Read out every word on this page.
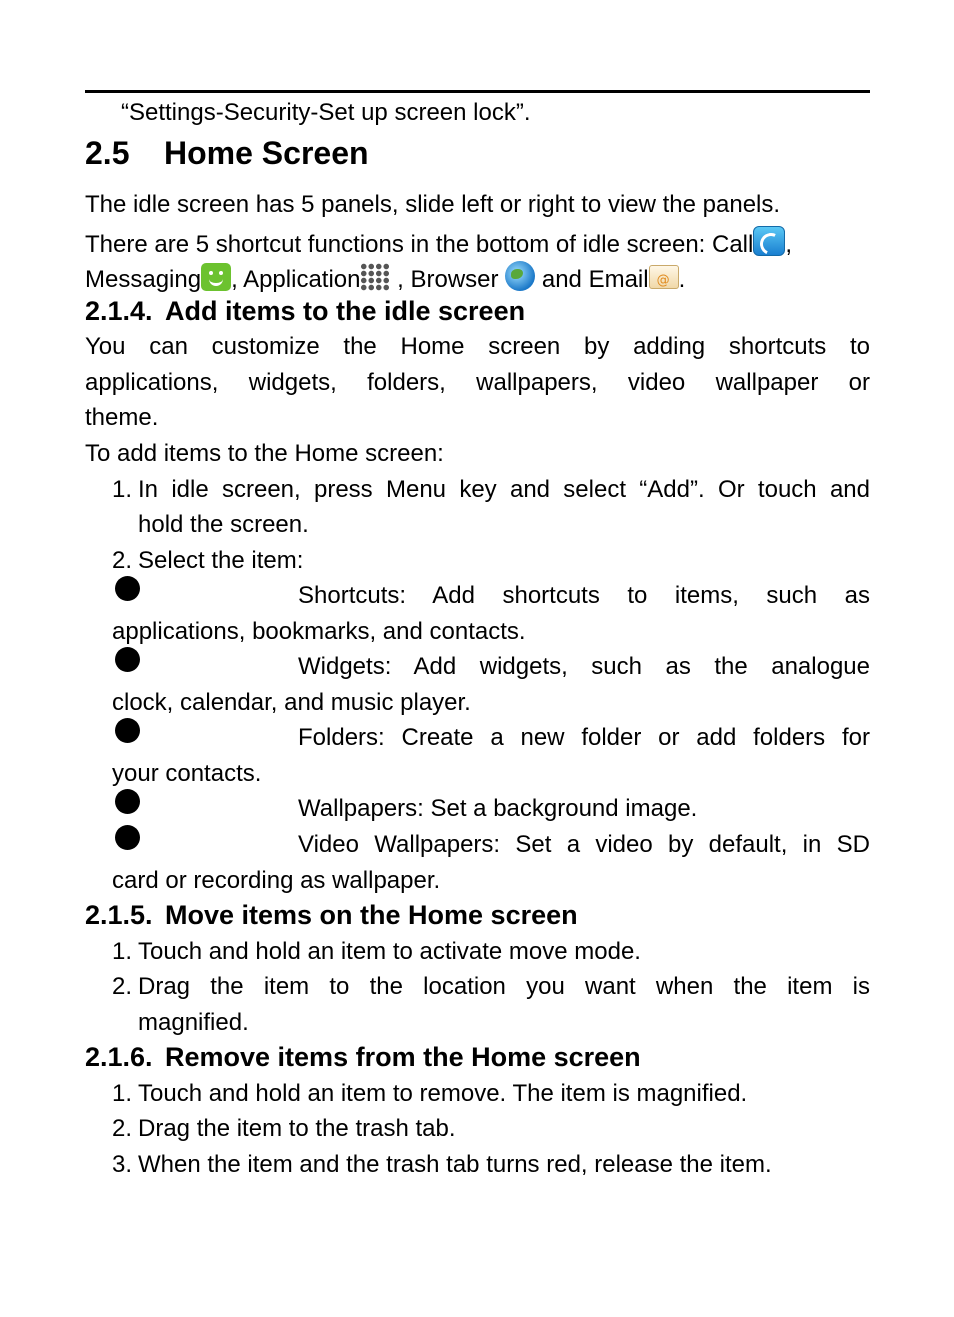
“Settings-Security-Set up screen lock”.
2.5 Home Screen
The idle screen has 5 panels, slide left or right to view the panels.
There are 5 shortcut functions in the bottom of idle screen: Call ,
Messaging , Application , Browser  and Email@ .
2.1.4. Add items to the idle screen
You can customize the Home screen by adding shortcuts to
applications, widgets, folders, wallpapers, video wallpaper or
theme.
To add items to the Home screen:
1. In idle screen, press Menu key and select “Add”. Or touch and
hold the screen.
2. Select the item:
Shortcuts: Add shortcuts to items, such as
applications, bookmarks, and contacts.
Widgets: Add widgets, such as the analogue
clock, calendar, and music player.
Folders: Create a new folder or add folders for
your contacts.
Wallpapers: Set a background image.
Video Wallpapers: Set a video by default, in SD
card or recording as wallpaper.
2.1.5. Move items on the Home screen
1. Touch and hold an item to activate move mode.
2. Drag the item to the location you want when the item is
magnified.
2.1.6. Remove items from the Home screen
1. Touch and hold an item to remove. The item is magnified.
2. Drag the item to the trash tab.
3. When the item and the trash tab turns red, release the item.
